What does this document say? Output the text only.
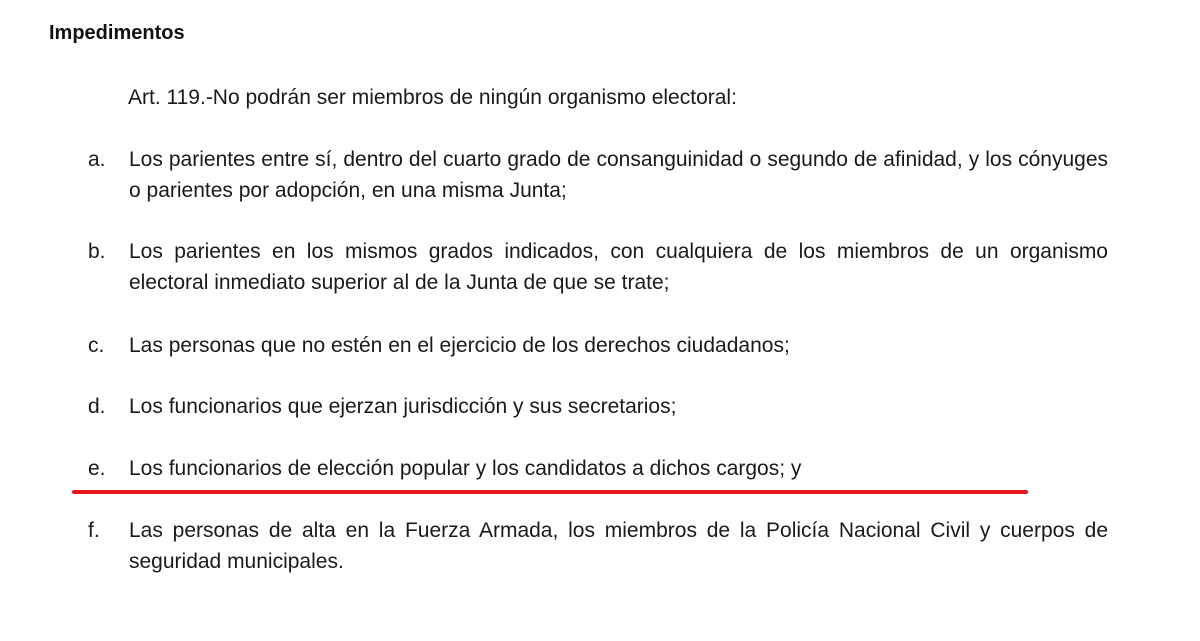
Impedimentos
Art. 119.-No podrán ser miembros de ningún organismo electoral:
a.	Los parientes entre sí, dentro del cuarto grado de consanguinidad o segundo de afinidad, y los cónyuges o parientes por adopción, en una misma Junta;
b.	Los parientes en los mismos grados indicados, con cualquiera de los miembros de un organismo electoral inmediato superior al de la Junta de que se trate;
c.	Las personas que no estén en el ejercicio de los derechos ciudadanos;
d.	Los funcionarios que ejerzan jurisdicción y sus secretarios;
e.	Los funcionarios de elección popular y los candidatos a dichos cargos; y
f.	Las personas de alta en la Fuerza Armada, los miembros de la Policía Nacional Civil y cuerpos de seguridad municipales.
